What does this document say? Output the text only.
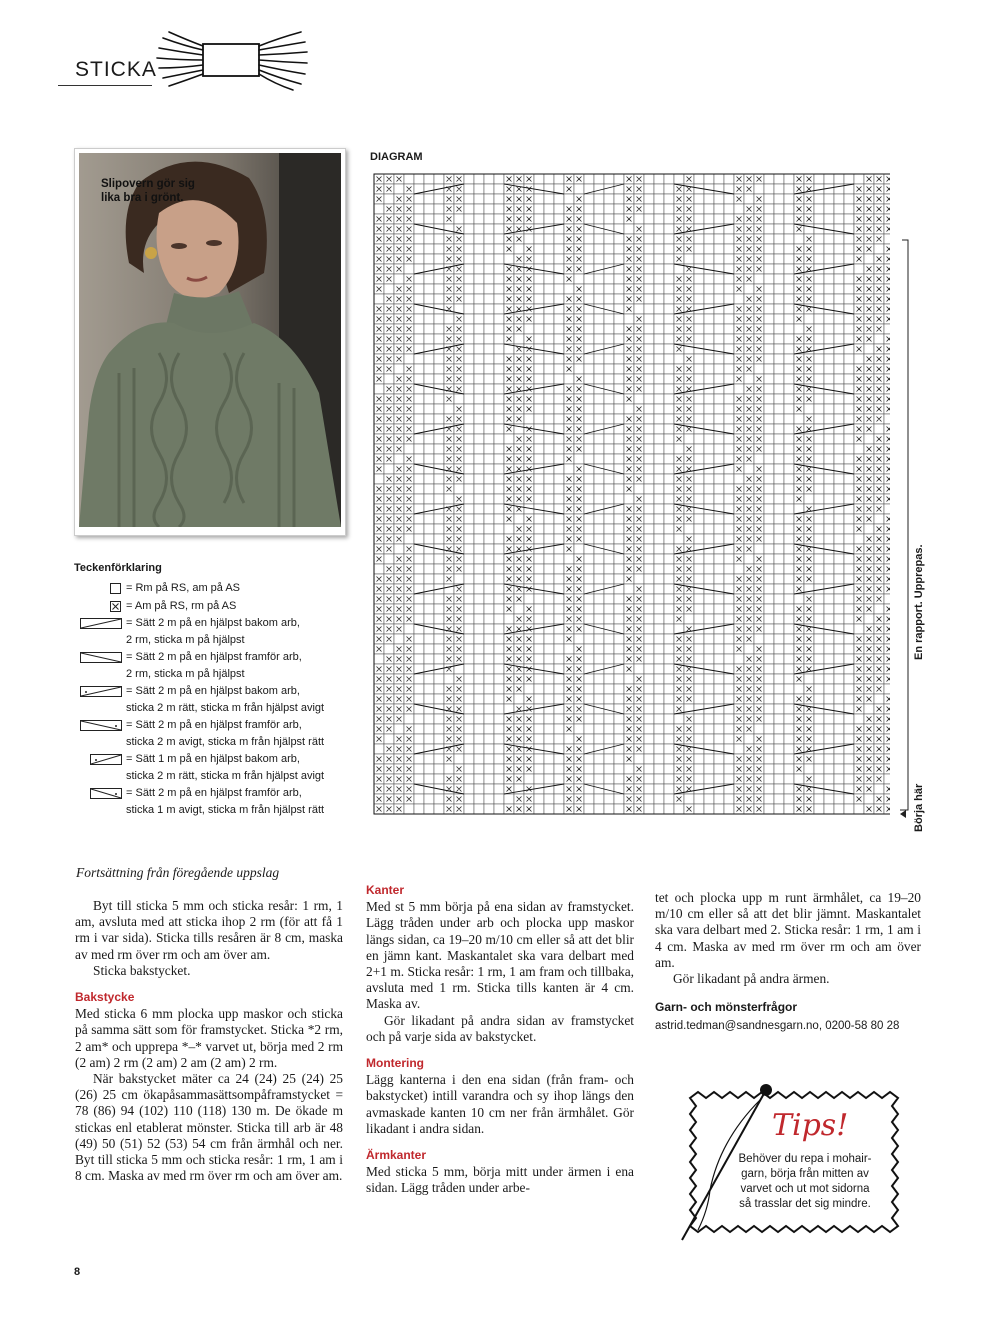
STICKA
Slipovern gör sig
lika bra i grönt.
Teckenförklaring
= Rm på RS, am på AS
= Am på RS, rm på AS
= Sätt 2 m på en hjälpst bakom arb,
2 rm, sticka m på hjälpst
= Sätt 2 m på en hjälpst framför arb,
2 rm, sticka m på hjälpst
= Sätt 2 m på en hjälpst bakom arb,
sticka 2 m rätt, sticka m från hjälpst avigt
= Sätt 2 m på en hjälpst framför arb,
sticka 2 m avigt, sticka m från hjälpst rätt
= Sätt 1 m på en hjälpst bakom arb,
sticka 2 m rätt, sticka m från hjälpst avigt
= Sätt 2 m på en hjälpst framför arb,
sticka 1 m avigt, sticka m från hjälpst rätt
DIAGRAM
En rapport. Upprepas.
Börja här
Fortsättning från föregående uppslag

Byt till sticka 5 mm och sticka resår: 1 rm, 1 am, avsluta med att sticka ihop 2 rm (för att få 1 rm i var sida). Sticka tills resåren är 8 cm, maska av med rm över rm och am över am.

Sticka bakstycket.

Bakstycke

Med sticka 6 mm plocka upp maskor och sticka på samma sätt som för framstycket. Sticka *2 rm, 2 am* och upprepa *–* varvet ut, börja med 2 rm (2 am) 2 rm (2 am) 2 am (2 am) 2 rm.

När bakstycket mäter ca 24 (24) 25 (24) 25 (26) 25 cm ökapåsammasättsompåframstycket = 78 (86) 94 (102) 110 (118) 130 m. De ökade m stickas enl etablerat mönster. Sticka till arb är 48 (49) 50 (51) 52 (53) 54 cm från ärmhål och ner. Byt till sticka 5 mm och sticka resår: 1 rm, 1 am i 8 cm. Maska av med rm över rm och am över am.

Kanter

Med st 5 mm börja på ena sidan av framstycket. Lägg tråden under arb och plocka upp maskor längs sidan, ca 19–20 m/10 cm eller så att det blir en jämn kant. Maskantalet ska vara delbart med 2+1 m. Sticka resår: 1 rm, 1 am fram och tillbaka, avsluta med 1 rm. Sticka tills kanten är 4 cm. Maska av.

Gör likadant på andra sidan av framstycket och på varje sida av bakstycket.

Montering

Lägg kanterna i den ena sidan (från fram- och bakstycket) intill varandra och sy ihop längs den avmaskade kanten 10 cm ner från ärmhålet. Gör likadant i andra sidan.

Ärmkanter

Med sticka 5 mm, börja mitt under ärmen i ena sidan. Lägg tråden under arbe-

tet och plocka upp m runt ärmhålet, ca 19–20 m/10 cm eller så att det blir jämnt. Maskantalet ska vara delbart med 2. Sticka resår: 1 rm, 1 am i 4 cm. Maska av med rm över rm och am över am.

Gör likadant på andra ärmen.

Garn- och mönsterfrågor
astrid.tedman@sandnesgarn.no, 0200-58 80 28
Tips!
Behöver du repa i mohair-
garn, börja från mitten av
varvet och ut mot sidorna
så trasslar det sig mindre.
8
